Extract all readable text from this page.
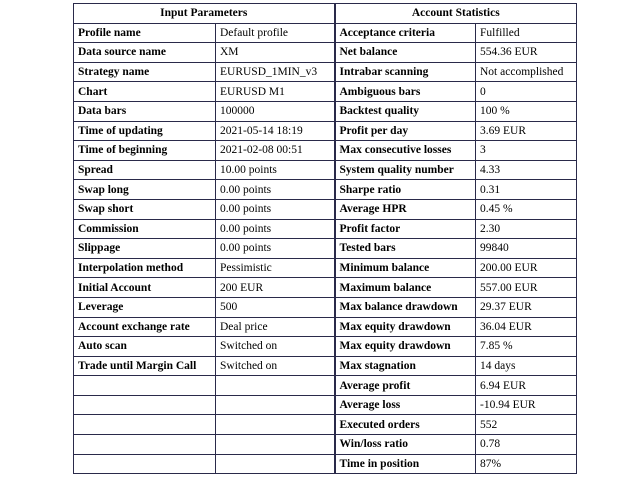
Input Parameters		Account Statistics	
Profile name	Default profile	Acceptance criteria	Fulfilled
Data source name	XM	Net balance	554.36 EUR
Strategy name	EURUSD_1MIN_v3	Intrabar scanning	Not accomplished
Chart	EURUSD M1	Ambiguous bars	0
Data bars	100000	Backtest quality	100 %
Time of updating	2021-05-14 18:19	Profit per day	3.69 EUR
Time of beginning	2021-02-08 00:51	Max consecutive losses	3
Spread	10.00 points	System quality number	4.33
Swap long	0.00 points	Sharpe ratio	0.31
Swap short	0.00 points	Average HPR	0.45 %
Commission	0.00 points	Profit factor	2.30
Slippage	0.00 points	Tested bars	99840
Interpolation method	Pessimistic	Minimum balance	200.00 EUR
Initial Account	200 EUR	Maximum balance	557.00 EUR
Leverage	500	Max balance drawdown	29.37 EUR
Account exchange rate	Deal price	Max equity drawdown	36.04 EUR
Auto scan	Switched on	Max equity drawdown	7.85 %
Trade until Margin Call	Switched on	Max stagnation	14 days
		Average profit	6.94 EUR
		Average loss	-10.94 EUR
		Executed orders	552
		Win/loss ratio	0.78
		Time in position	87%
